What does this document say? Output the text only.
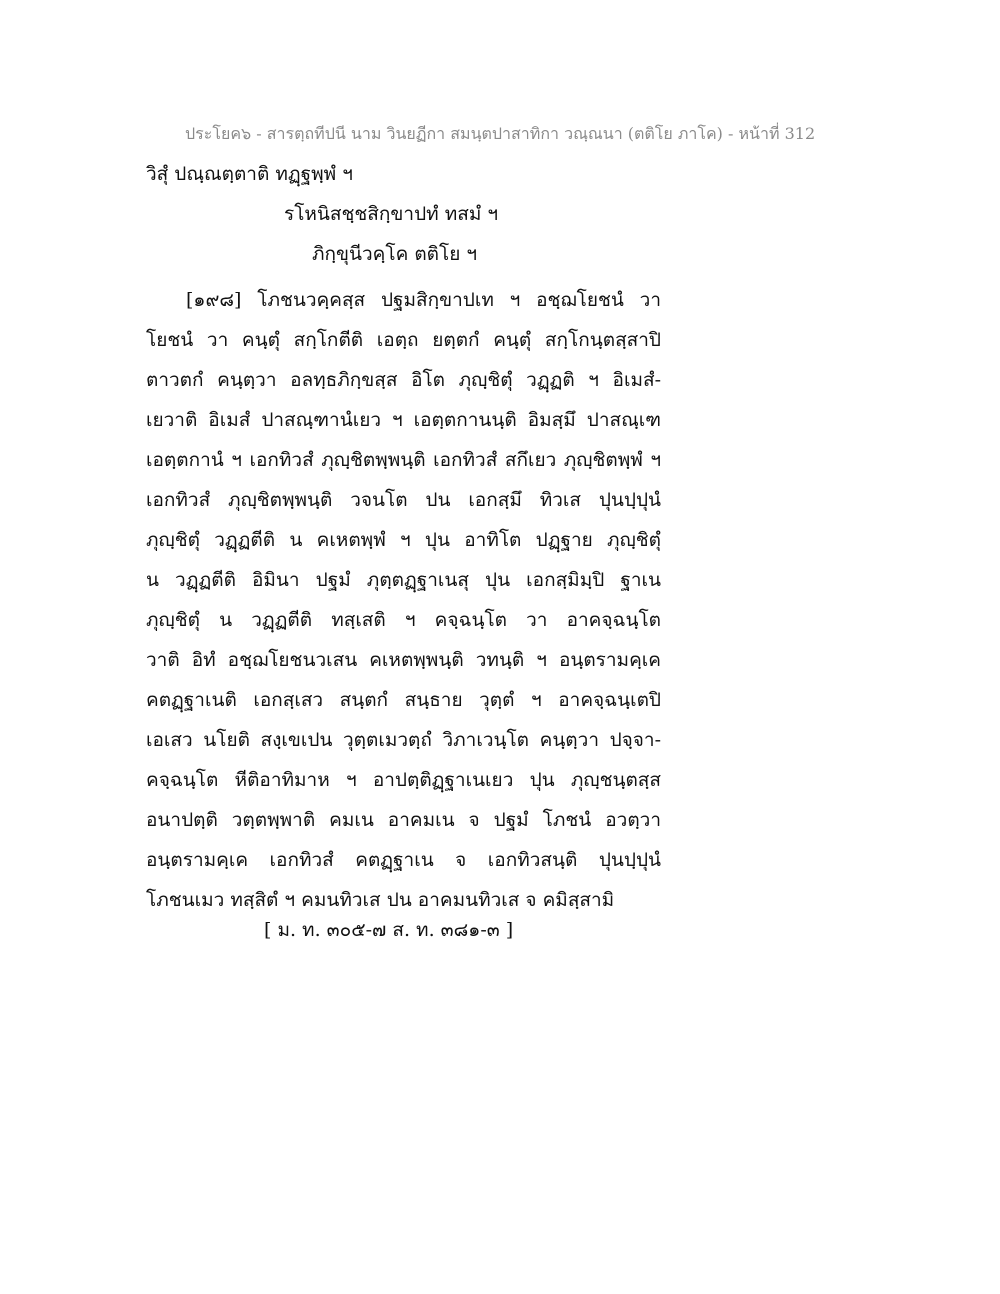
ประโยค๖ - สารตฺถทีปนี นาม วินยฏีกา สมนฺตปาสาทิกา วณฺณนา (ตติโย ภาโค) - หน้าที่ 312
วิสุํ ปณฺณตฺตาติ ทฏฺฐพฺพํ ฯ
รโหนิสชฺชสิกฺขาปทํ ทสมํ ฯ
ภิกฺขุนีวคฺโค ตติโย ฯ
[๑๙๘] โภชนวคฺคสฺส ปฐมสิกฺขาปเท ฯ อชฺฌโยชนํ วา
โยชนํ วา คนฺตุํ สกฺโกตีติ เอตฺถ ยตฺตกํ คนฺตุํ สกฺโกนฺตสฺสาปิ
ตาวตกํ คนฺตฺวา อลทฺธภิกฺขสฺส อิโต ภุญฺชิตุํ วฏฺฏติ ฯ อิเมสํ-
เยวาติ อิเมสํ ปาสณฺฑานํเยว ฯ เอตฺตกานนฺติ อิมสฺมึ ปาสณฺเฑ
เอตฺตกานํ ฯ เอกทิวสํ ภุญฺชิตพฺพนฺติ เอกทิวสํ สกึเยว ภุญฺชิตพฺพํ ฯ
เอกทิวสํ ภุญฺชิตพฺพนฺติ วจนโต ปน เอกสฺมึ ทิวเส ปุนปฺปุนํ
ภุญฺชิตุํ วฏฺฏตีติ น คเหตพฺพํ ฯ ปุน อาทิโต ปฏฺฐาย ภุญฺชิตุํ
น วฏฺฏตีติ อิมินา ปฐมํ ภุตฺตฏฺฐาเนสุ ปุน เอกสฺมิมฺปิ ฐาเน
ภุญฺชิตุํ น วฏฺฏตีติ ทสฺเสติ ฯ คจฺฉนฺโต วา อาคจฺฉนฺโต
วาติ อิทํ อชฺฌโยชนวเสน คเหตพฺพนฺติ วทนฺติ ฯ อนฺตรามคฺเค
คตฏฺฐาเนติ เอกสฺเสว สนฺตกํ สนฺธาย วุตฺตํ ฯ อาคจฺฉนฺเตปิ
เอเสว นโยติ สงฺเขเปน วุตฺตเมวตฺถํ วิภาเวนฺโต คนฺตฺวา ปจฺจา-
คจฺฉนฺโต หีติอาทิมาห ฯ อาปตฺติฏฺฐาเนเยว ปุน ภุญฺชนฺตสฺส
อนาปตฺติ วตฺตพฺพาติ คมเน อาคมเน จ ปฐมํ โภชนํ อวตฺวา
อนฺตรามคฺเค เอกทิวสํ คตฏฺฐาเน จ เอกทิวสนฺติ ปุนปฺปุนํ
โภชนเมว ทสฺสิตํ ฯ คมนทิวเส ปน อาคมนทิวเส จ คมิสฺสามิ
[ ม. ท. ๓๐๕-๗ ส. ท. ๓๘๑-๓ ]
